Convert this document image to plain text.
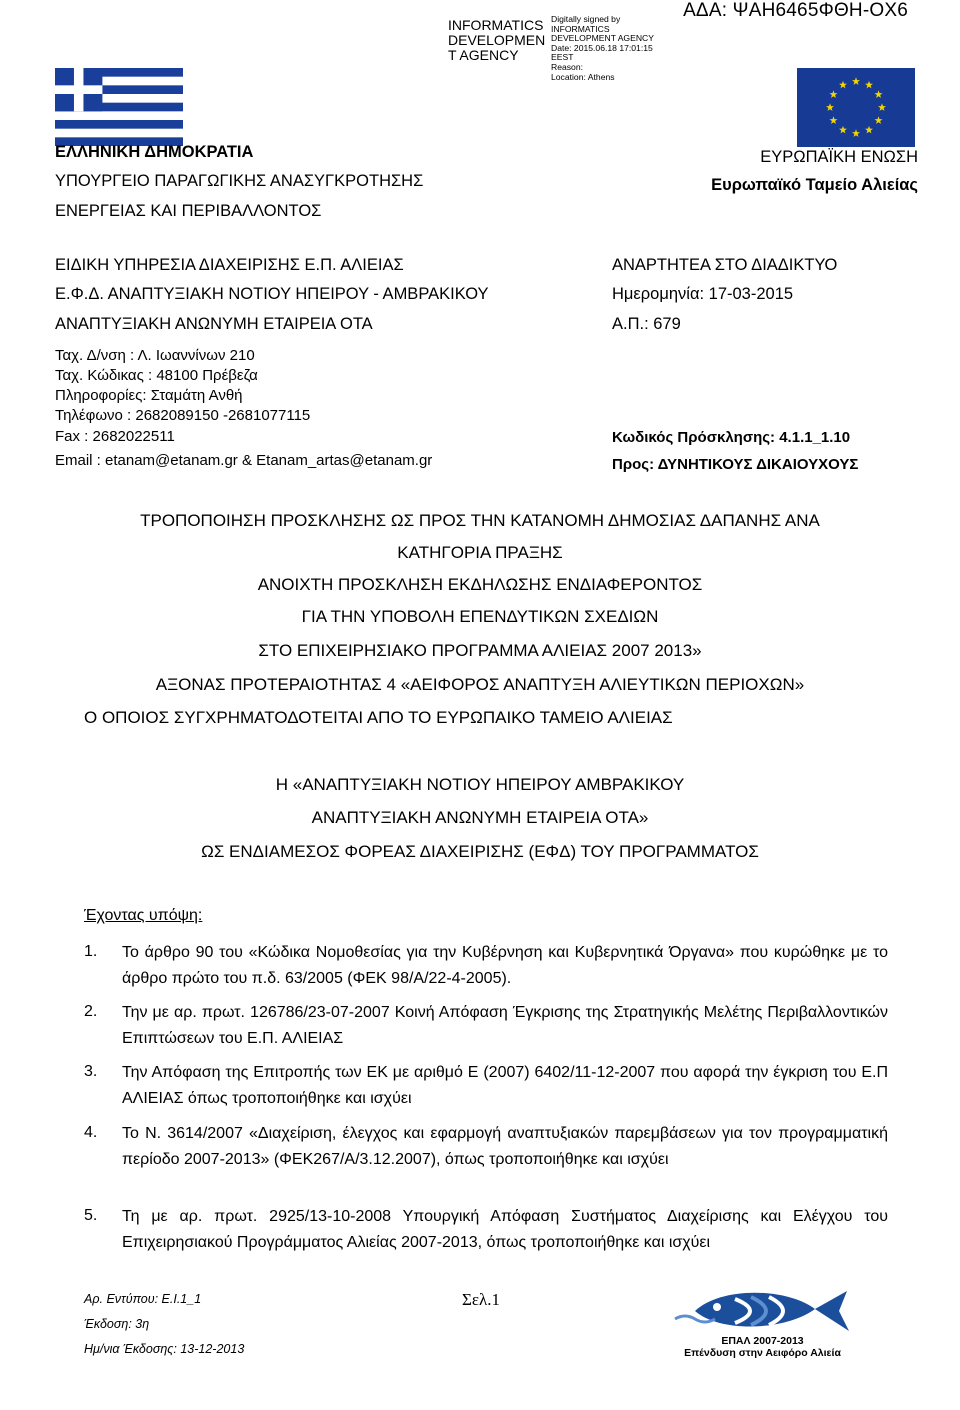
ΑΔΑ: ΨΑΗ6465ΦΘΗ-ΟΧ6
INFORMATICS
DEVELOPMEN
T AGENCY
Digitally signed by
INFORMATICS
DEVELOPMENT AGENCY
Date: 2015.06.18 17:01:15
EEST
Reason:
Location: Athens
ΕΛΛΗΝΙΚΗ ΔΗΜΟΚΡΑΤΙΑ
ΥΠΟΥΡΓΕΙΟ ΠΑΡΑΓΩΓΙΚΗΣ ΑΝΑΣΥΓΚΡΟΤΗΣΗΣ
ΕΝΕΡΓΕΙΑΣ ΚΑΙ ΠΕΡΙΒΑΛΛΟΝΤΟΣ
ΕΥΡΩΠΑΪΚΗ ΕΝΩΣΗ
Ευρωπαϊκό Ταμείο Αλιείας
ΕΙΔΙΚΗ ΥΠΗΡΕΣΙΑ ΔΙΑΧΕΙΡΙΣΗΣ Ε.Π. ΑΛΙΕΙΑΣ
Ε.Φ.Δ. ΑΝΑΠΤΥΞΙΑΚΗ ΝΟΤΙΟΥ ΗΠΕΙΡΟΥ - ΑΜΒΡΑΚΙΚΟΥ
ΑΝΑΠΤΥΞΙΑΚΗ ΑΝΩΝΥΜΗ ΕΤΑΙΡΕΙΑ ΟΤΑ
Ταχ. Δ/νση : Λ. Ιωαννίνων 210
Ταχ. Κώδικας : 48100 Πρέβεζα
Πληροφορίες: Σταμάτη Ανθή
Τηλέφωνο : 2682089150 -2681077115
Fax : 2682022511
Email : etanam@etanam.gr & Etanam_artas@etanam.gr
ΑΝΑΡΤΗΤΕΑ ΣΤΟ ΔΙΑΔΙΚΤΥΟ
Ημερομηνία: 17-03-2015
Α.Π.: 679
Κωδικός Πρόσκλησης: 4.1.1_1.10
Προς: ΔΥΝΗΤΙΚΟΥΣ ΔΙΚΑΙΟΥΧΟΥΣ
ΤΡΟΠΟΠΟΙΗΣΗ ΠΡΟΣΚΛΗΣΗΣ ΩΣ ΠΡΟΣ ΤΗΝ ΚΑΤΑΝΟΜΗ ΔΗΜΟΣΙΑΣ ΔΑΠΑΝΗΣ ΑΝΑ
ΚΑΤΗΓΟΡΙΑ ΠΡΑΞΗΣ
ΑΝΟΙΧΤΗ ΠΡΟΣΚΛΗΣΗ ΕΚΔΗΛΩΣΗΣ ΕΝΔΙΑΦΕΡΟΝΤΟΣ
ΓΙΑ ΤΗΝ ΥΠΟΒΟΛΗ ΕΠΕΝΔΥΤΙΚΩΝ ΣΧΕΔΙΩΝ
ΣΤΟ ΕΠΙΧΕΙΡΗΣΙΑΚΟ ΠΡΟΓΡΑΜΜΑ ΑΛΙΕΙΑΣ 2007 2013»
ΑΞΟΝΑΣ ΠΡΟΤΕΡΑΙΟΤΗΤΑΣ 4 «ΑΕΙΦΟΡΟΣ ΑΝΑΠΤΥΞΗ ΑΛΙΕΥΤΙΚΩΝ ΠΕΡΙΟΧΩΝ»
Ο ΟΠΟΙΟΣ ΣΥΓΧΡΗΜΑΤΟΔΟΤΕΙΤΑΙ ΑΠΟ ΤΟ ΕΥΡΩΠΑΙΚΟ ΤΑΜΕΙΟ ΑΛΙΕΙΑΣ
Η «ΑΝΑΠΤΥΞΙΑΚΗ ΝΟΤΙΟΥ ΗΠΕΙΡΟΥ ΑΜΒΡΑΚΙΚΟΥ
ΑΝΑΠΤΥΞΙΑΚΗ ΑΝΩΝΥΜΗ ΕΤΑΙΡΕΙΑ ΟΤΑ»
ΩΣ ΕΝΔΙΑΜΕΣΟΣ ΦΟΡΕΑΣ ΔΙΑΧΕΙΡΙΣΗΣ (ΕΦΔ) ΤΟΥ ΠΡΟΓΡΑΜΜΑΤΟΣ
Έχοντας υπόψη:
1. Το άρθρο 90 του «Κώδικα Νομοθεσίας για την Κυβέρνηση και Κυβερνητικά Όργανα» που κυρώθηκε με το άρθρο πρώτο του π.δ. 63/2005 (ΦΕΚ 98/Α/22-4-2005).
2. Την με αρ. πρωτ. 126786/23-07-2007 Κοινή Απόφαση Έγκρισης της Στρατηγικής Μελέτης Περιβαλλοντικών Επιπτώσεων του Ε.Π. ΑΛΙΕΙΑΣ
3. Την Απόφαση της Επιτροπής των ΕΚ με αριθμό Ε (2007) 6402/11-12-2007 που αφορά την έγκριση του Ε.Π ΑΛΙΕΙΑΣ όπως τροποποιήθηκε και ισχύει
4. Το Ν. 3614/2007 «Διαχείριση, έλεγχος και εφαρμογή αναπτυξιακών παρεμβάσεων για τον προγραμματική περίοδο 2007-2013» (ΦΕΚ267/Α/3.12.2007), όπως τροποποιήθηκε και ισχύει
5. Τη με αρ. πρωτ. 2925/13-10-2008 Υπουργική Απόφαση Συστήματος Διαχείρισης και Ελέγχου του Επιχειρησιακού Προγράμματος Αλιείας 2007-2013, όπως τροποποιήθηκε και ισχύει
Αρ. Εντύπου: Ε.Ι.1_1
Έκδοση: 3η
Ημ/νια Έκδοσης: 13-12-2013
Σελ.1
ΕΠΑΛ 2007-2013
Επένδυση στην Αειφόρο Αλιεία
